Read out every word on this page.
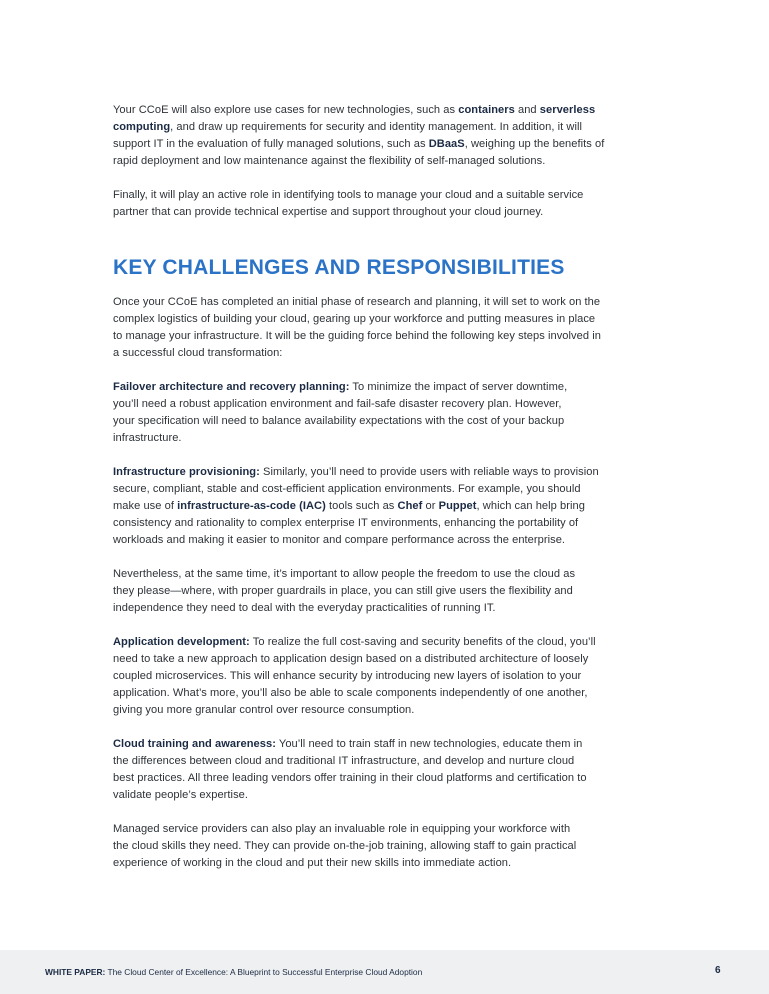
Your CCoE will also explore use cases for new technologies, such as containers and serverless
computing, and draw up requirements for security and identity management. In addition, it will
support IT in the evaluation of fully managed solutions, such as DBaaS, weighing up the benefits of
rapid deployment and low maintenance against the flexibility of self-managed solutions.

Finally, it will play an active role in identifying tools to manage your cloud and a suitable service
partner that can provide technical expertise and support throughout your cloud journey.

KEY CHALLENGES AND RESPONSIBILITIES

Once your CCoE has completed an initial phase of research and planning, it will set to work on the
complex logistics of building your cloud, gearing up your workforce and putting measures in place
to manage your infrastructure. It will be the guiding force behind the following key steps involved in
a successful cloud transformation:

Failover architecture and recovery planning: To minimize the impact of server downtime,
you’ll need a robust application environment and fail-safe disaster recovery plan. However,
your specification will need to balance availability expectations with the cost of your backup
infrastructure.

Infrastructure provisioning: Similarly, you’ll need to provide users with reliable ways to provision
secure, compliant, stable and cost-efficient application environments. For example, you should
make use of infrastructure-as-code (IAC) tools such as Chef or Puppet, which can help bring
consistency and rationality to complex enterprise IT environments, enhancing the portability of
workloads and making it easier to monitor and compare performance across the enterprise.

Nevertheless, at the same time, it’s important to allow people the freedom to use the cloud as
they please—where, with proper guardrails in place, you can still give users the flexibility and
independence they need to deal with the everyday practicalities of running IT.

Application development: To realize the full cost-saving and security benefits of the cloud, you’ll
need to take a new approach to application design based on a distributed architecture of loosely
coupled microservices. This will enhance security by introducing new layers of isolation to your
application. What’s more, you’ll also be able to scale components independently of one another,
giving you more granular control over resource consumption.

Cloud training and awareness: You’ll need to train staff in new technologies, educate them in
the differences between cloud and traditional IT infrastructure, and develop and nurture cloud
best practices. All three leading vendors offer training in their cloud platforms and certification to
validate people’s expertise.

Managed service providers can also play an invaluable role in equipping your workforce with
the cloud skills they need. They can provide on-the-job training, allowing staff to gain practical
experience of working in the cloud and put their new skills into immediate action.

WHITE PAPER: The Cloud Center of Excellence: A Blueprint to Successful Enterprise Cloud Adoption	6
